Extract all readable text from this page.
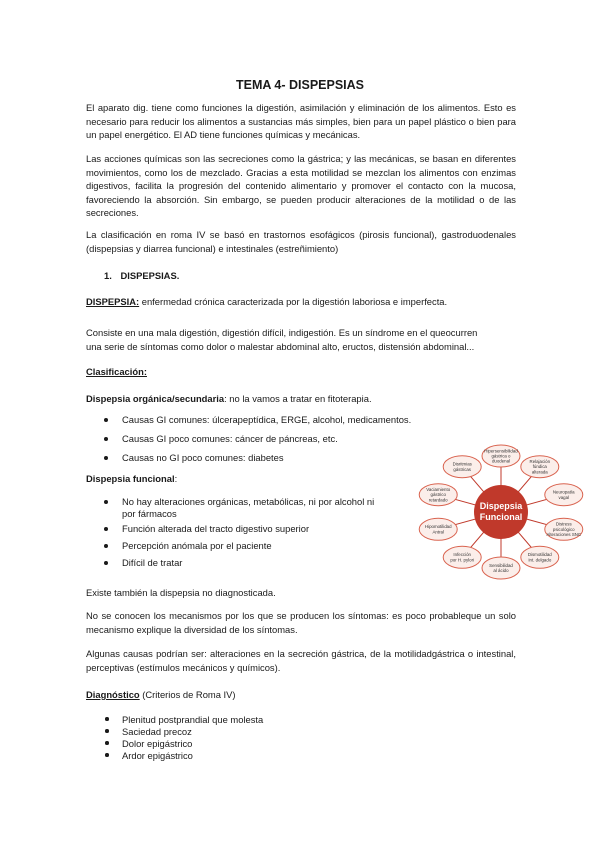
TEMA 4- DISPEPSIAS

El aparato dig. tiene como funciones la digestión, asimilación y eliminación de los alimentos. Esto es necesario para reducir los alimentos a sustancias más simples, bien para un papel plástico o bien para un papel energético. El AD tiene funciones químicas y mecánicas.

Las acciones químicas son las secreciones como la gástrica; y las mecánicas, se basan en diferentes movimientos, como los de mezclado. Gracias a esta motilidad se mezclan los alimentos con enzimas digestivos, facilita la progresión del contenido alimentario y promover el contacto con la mucosa, favoreciendo la absorción. Sin embargo, se pueden producir alteraciones de la motilidad o de las secreciones.

La clasificación en roma IV se basó en trastornos esofágicos (pirosis funcional), gastroduodenales (dispepsias y diarrea funcional) e intestinales (estreñimiento)

1. DISPEPSIAS.
DISPEPSIA: enfermedad crónica caracterizada por la digestión laboriosa e imperfecta.
Consiste en una mala digestión, digestión difícil, indigestión. Es un síndrome en el queocurren
una serie de síntomas como dolor o malestar abdominal alto, eructos, distensión abdominal...
Clasificación:
Dispepsia orgánica/secundaria: no la vamos a tratar en fitoterapia.
Causas GI comunes: úlcerapeptídica, ERGE, alcohol, medicamentos.
Causas GI poco comunes: cáncer de páncreas, etc.
Causas no GI poco comunes: diabetes
Dispepsia funcional:
No hay alteraciones orgánicas, metabólicas, ni por alcohol ni
por fármacos
Función alterada del tracto digestivo superior
Percepción anómala por el paciente
Difícil de tratar
Hipersensibilidad
gástrica o
duodenal	Relajación
fúndica
alterada
Neuropatía
vagal
Distress
psicológico
Alteraciones SNC
Dismotilidad
Int. delgado
Sensibilidad
al ácido
Infección
por H. pylori
Hipomotilidad
Antral
Vaciamiento
gástrico
retardado
Disritmias
gástricas
Dispepsia
Funcional
Existe también la dispepsia no diagnosticada.

No se conocen los mecanismos por los que se producen los síntomas: es poco probableque un solo mecanismo explique la diversidad de los síntomas.

Algunas causas podrían ser: alteraciones en la secreción gástrica, de la motilidadgástrica o intestinal, perceptivas (estímulos mecánicos y químicos).

Diagnóstico (Criterios de Roma IV)
Plenitud postprandial que molesta
Saciedad precoz
Dolor epigástrico
Ardor epigástrico
